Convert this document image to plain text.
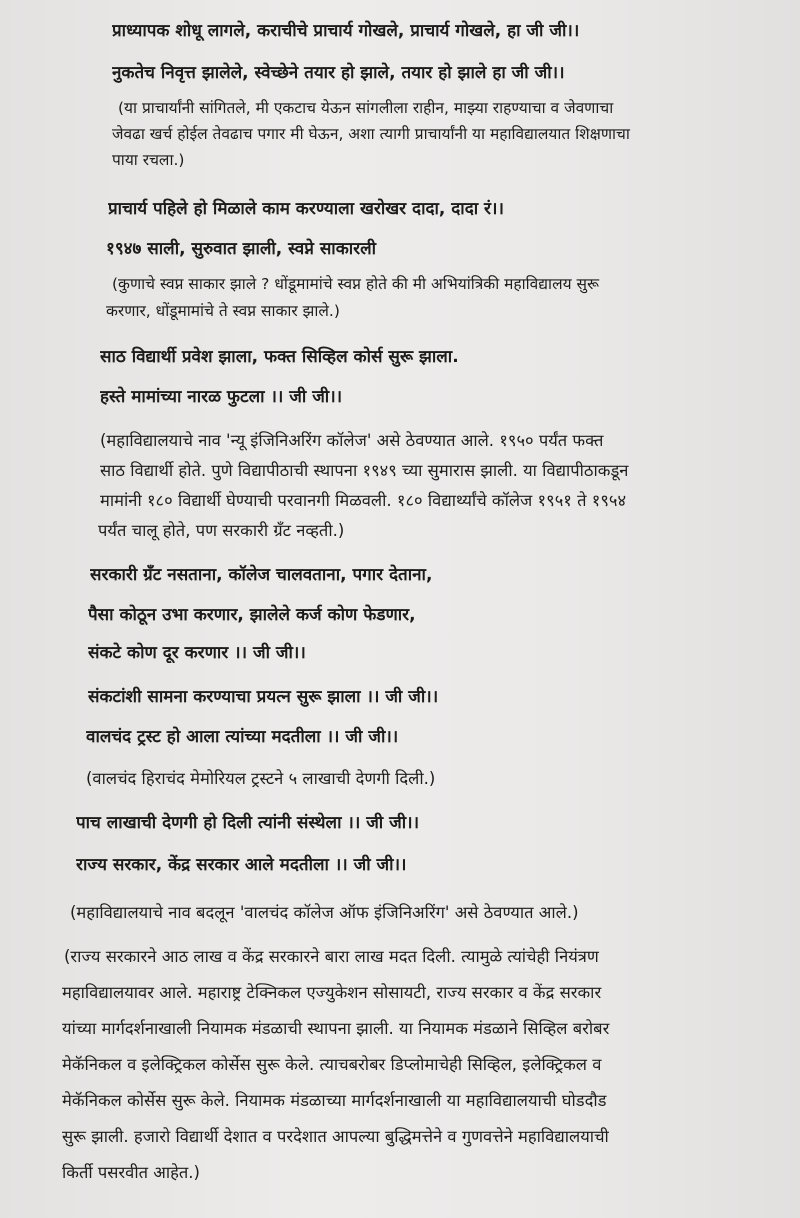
प्राध्यापक शोधू लागले, कराचीचे प्राचार्य गोखले, प्राचार्य गोखले, हा जी जी।।
नुकतेच निवृत्त झालेले, स्वेच्छेने तयार हो झाले, तयार हो झाले हा जी जी।।
(या प्राचार्यांनी सांगितले, मी एकटाच येऊन सांगलीला राहीन, माझ्या राहण्याचा व जेवणाचा
जेवढा खर्च होईल तेवढाच पगार मी घेऊन, अशा त्यागी प्राचार्यांनी या महाविद्यालयात शिक्षणाचा
पाया रचला.)
प्राचार्य पहिले हो मिळाले काम करण्याला खरोखर दादा, दादा रं।।
१९४७ साली, सुरुवात झाली, स्वप्ने साकारली
(कुणाचे स्वप्न साकार झाले ? धोंडूमामांचे स्वप्न होते की मी अभियांत्रिकी महाविद्यालय सुरू
करणार, धोंडूमामांचे ते स्वप्न साकार झाले.)
साठ विद्यार्थी प्रवेश झाला, फक्त सिव्हिल कोर्स सुरू झाला.
हस्ते मामांच्या नारळ फुटला ।। जी जी।।
(महाविद्यालयाचे नाव 'न्यू इंजिनिअरिंग कॉलेज' असे ठेवण्यात आले. १९५० पर्यंत फक्त
साठ विद्यार्थी होते. पुणे विद्यापीठाची स्थापना १९४९ च्या सुमारास झाली. या विद्यापीठाकडून
मामांनी १८० विद्यार्थी घेण्याची परवानगी मिळवली. १८० विद्यार्थ्यांचे कॉलेज १९५१ ते १९५४
पर्यंत चालू होते, पण सरकारी ग्रँट नव्हती.)
सरकारी ग्रँट नसताना, कॉलेज चालवताना, पगार देताना,
पैसा कोठून उभा करणार, झालेले कर्ज कोण फेडणार,
संकटे कोण दूर करणार ।। जी जी।।
संकटांशी सामना करण्याचा प्रयत्न सुरू झाला ।। जी जी।।
वालचंद ट्रस्ट हो आला त्यांच्या मदतीला ।। जी जी।।
(वालचंद हिराचंद मेमोरियल ट्रस्टने ५ लाखाची देणगी दिली.)
पाच लाखाची देणगी हो दिली त्यांनी संस्थेला ।। जी जी।।
राज्य सरकार, केंद्र सरकार आले मदतीला ।। जी जी।।
(महाविद्यालयाचे नाव बदलून 'वालचंद कॉलेज ऑफ इंजिनिअरिंग' असे ठेवण्यात आले.)
(राज्य सरकारने आठ लाख व केंद्र सरकारने बारा लाख मदत दिली. त्यामुळे त्यांचेही नियंत्रण
महाविद्यालयावर आले. महाराष्ट्र टेक्निकल एज्युकेशन सोसायटी, राज्य सरकार व केंद्र सरकार
यांच्या मार्गदर्शनाखाली नियामक मंडळाची स्थापना झाली. या नियामक मंडळाने सिव्हिल बरोबर
मेकॅनिकल व इलेक्ट्रिकल कोर्सेस सुरू केले. त्याचबरोबर डिप्लोमाचेही सिव्हिल, इलेक्ट्रिकल व
मेकॅनिकल कोर्सेस सुरू केले. नियामक मंडळाच्या मार्गदर्शनाखाली या महाविद्यालयाची घोडदौड
सुरू झाली. हजारो विद्यार्थी देशात व परदेशात आपल्या बुद्धिमत्तेने व गुणवत्तेने महाविद्यालयाची
किर्ती पसरवीत आहेत.)
